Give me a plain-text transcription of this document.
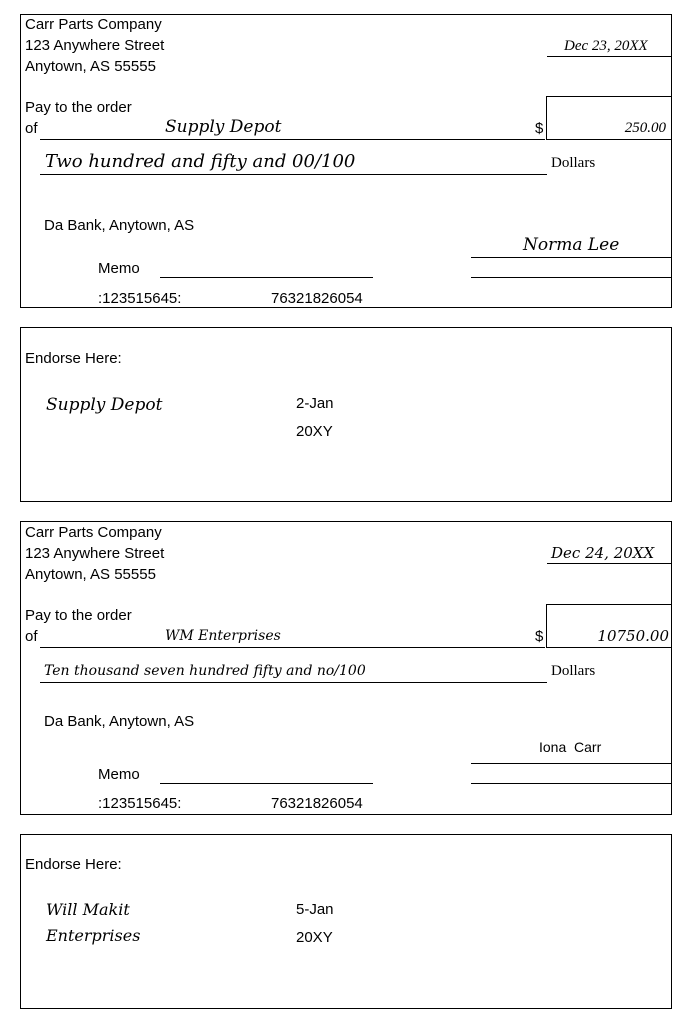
Carr Parts Company
123 Anywhere Street
Anytown, AS 55555
Dec 23, 20XX
Pay to the order
of	Supply Depot	$	250.00
Two hundred and fifty and 00/100	Dollars
Da Bank, Anytown, AS
Norma Lee
Memo
:123515645:	76321826054
Endorse Here:
Supply Depot	2-Jan
20XY
Carr Parts Company
123 Anywhere Street
Anytown, AS 55555
Dec 24, 20XX
Pay to the order
of	WM Enterprises	$	10750.00
Ten thousand seven hundred fifty and no/100	Dollars
Da Bank, Anytown, AS
Iona  Carr
Memo
:123515645:	76321826054
Endorse Here:
Will Makit
Enterprises
5-Jan
20XY
